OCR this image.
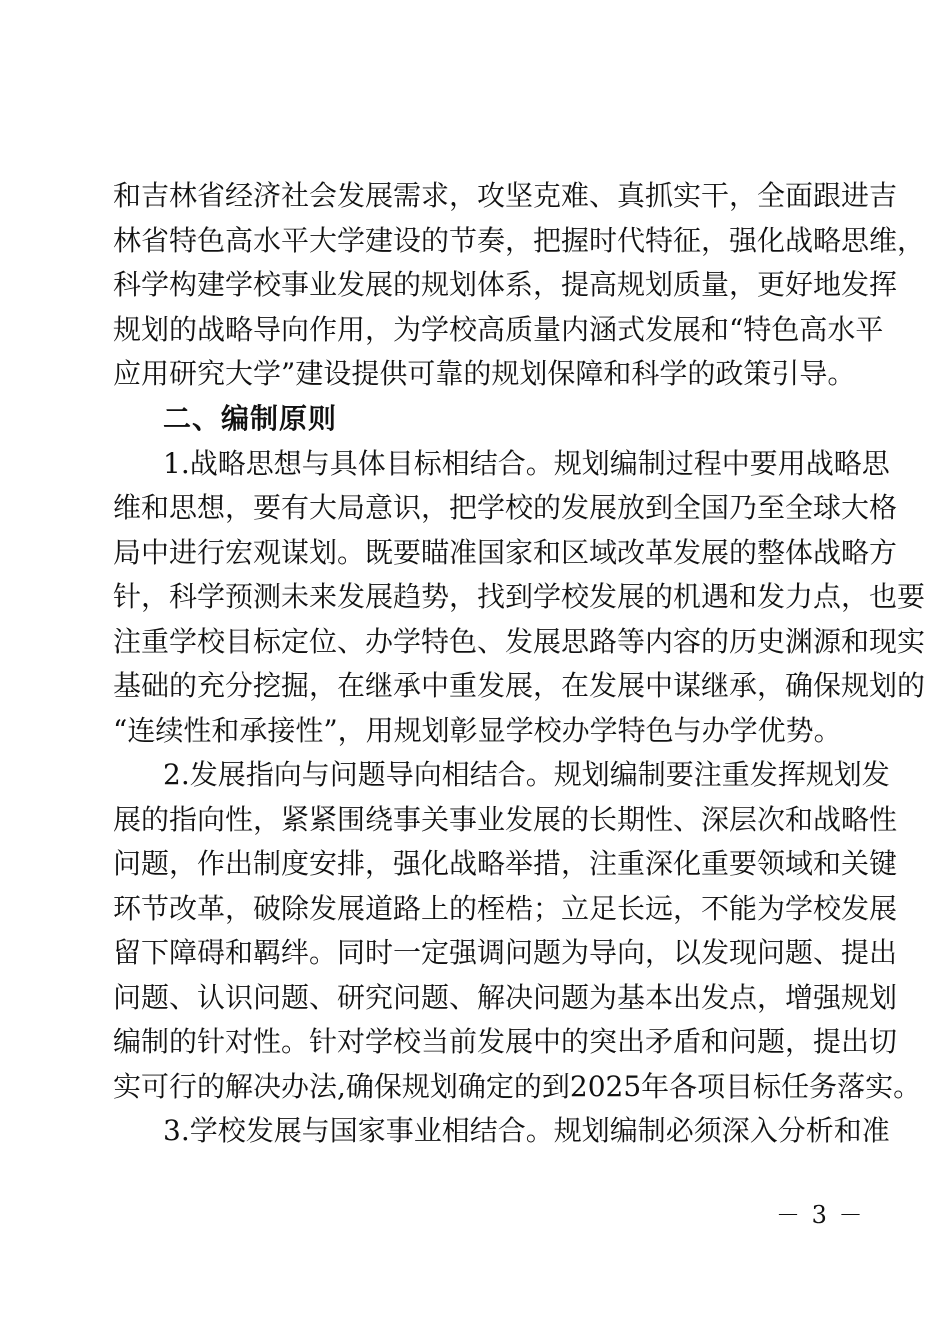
和吉林省经济社会发展需求，攻坚克难、真抓实干，全面跟进吉
林省特色高水平大学建设的节奏，把握时代特征，强化战略思维，
科学构建学校事业发展的规划体系，提高规划质量，更好地发挥
规划的战略导向作用，为学校高质量内涵式发展和“特色高水平
应用研究大学”建设提供可靠的规划保障和科学的政策引导。
二、编制原则
1.战略思想与具体目标相结合。规划编制过程中要用战略思
维和思想，要有大局意识，把学校的发展放到全国乃至全球大格
局中进行宏观谋划。既要瞄准国家和区域改革发展的整体战略方
针，科学预测未来发展趋势，找到学校发展的机遇和发力点，也要
注重学校目标定位、办学特色、发展思路等内容的历史渊源和现实
基础的充分挖掘，在继承中重发展，在发展中谋继承，确保规划的
“连续性和承接性”，用规划彰显学校办学特色与办学优势。
2.发展指向与问题导向相结合。规划编制要注重发挥规划发
展的指向性，紧紧围绕事关事业发展的长期性、深层次和战略性
问题，作出制度安排，强化战略举措，注重深化重要领域和关键
环节改革，破除发展道路上的桎梏；立足长远，不能为学校发展
留下障碍和羁绊。同时一定强调问题为导向，以发现问题、提出
问题、认识问题、研究问题、解决问题为基本出发点，增强规划
编制的针对性。针对学校当前发展中的突出矛盾和问题，提出切
实可行的解决办法,确保规划确定的到2025年各项目标任务落实。
3.学校发展与国家事业相结合。规划编制必须深入分析和准
－ 3 －
